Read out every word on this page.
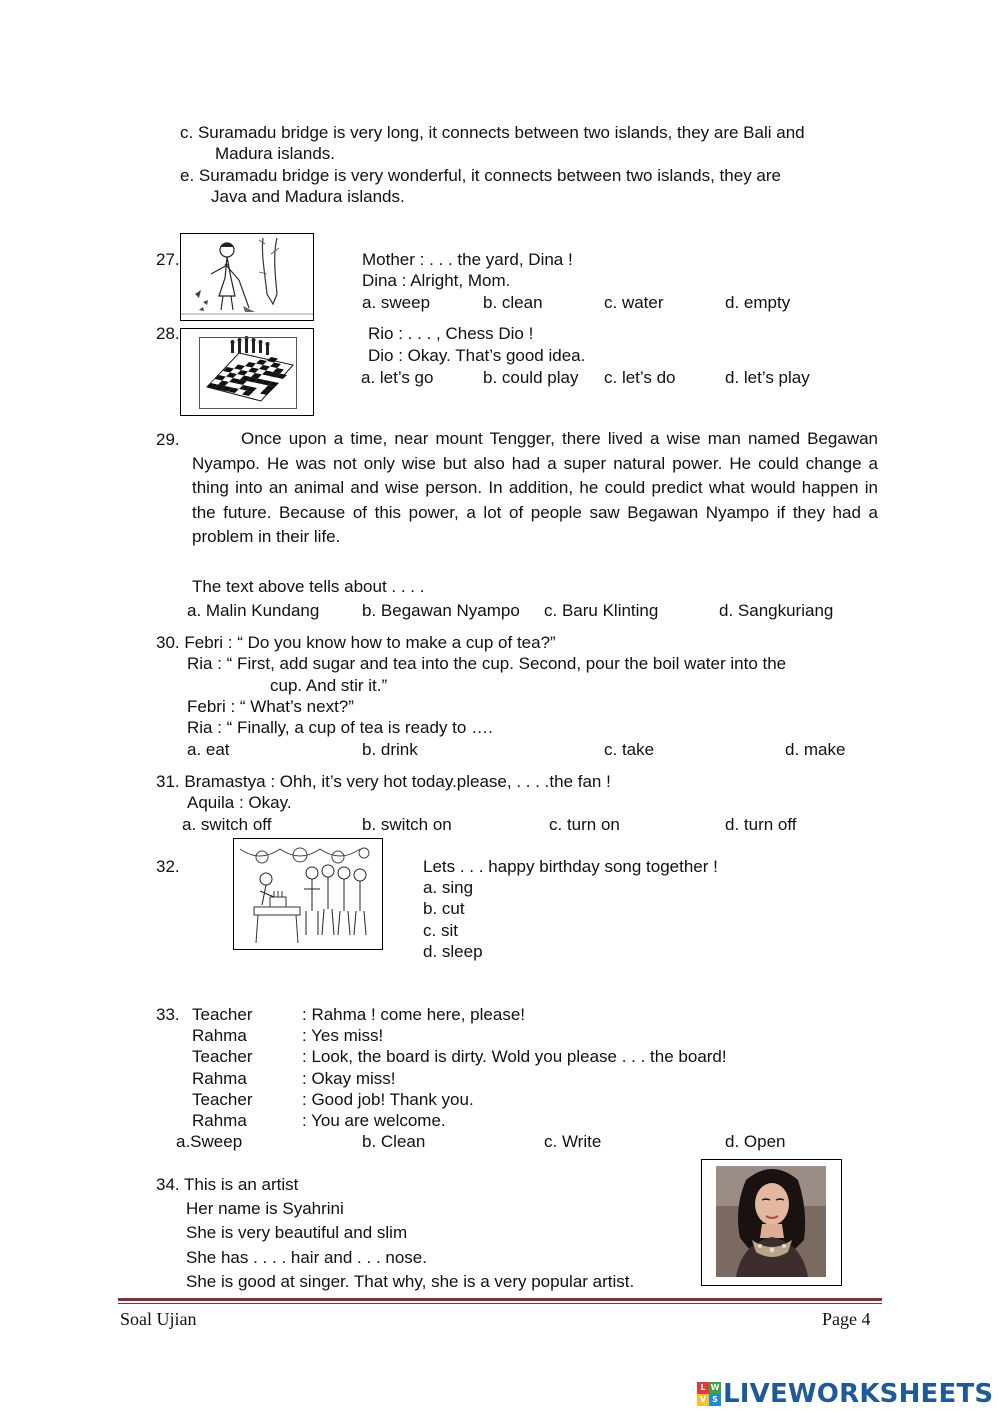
c. Suramadu bridge is very long, it connects between two islands, they are Bali and
Madura islands.
e. Suramadu bridge is very wonderful, it connects between two islands, they are
Java and Madura islands.
27.	Mother : . . . the yard, Dina !
Dina : Alright, Mom.
a. sweep	b. clean	c. water	d. empty
28.	Rio : . . . , Chess Dio !
Dio : Okay. That’s good idea.
a. let’s go	b. could play c. let’s do	d. let’s play
29.	Once upon a time, near mount Tengger, there lived a wise man named Begawan Nyampo. He was not only wise but also had a super natural power. He could change a thing into an animal and wise person. In addition, he could predict what would happen in the future. Because of this power, a lot of people saw Begawan Nyampo if they had a problem in their life.
The text above tells about . . . .
a. Malin Kundang	b. Begawan Nyampo c. Baru Klinting	d. Sangkuriang
30. Febri : “ Do you know how to make a cup of tea?”
Ria : “ First, add sugar and tea into the cup. Second, pour the boil water into the
cup. And stir it.”
Febri : “ What’s next?”
Ria : “ Finally, a cup of tea is ready to ….
a. eat	b. drink	c. take	d. make
31. Bramastya : Ohh, it’s very hot today.please, . . . .the fan !
Aquila : Okay.
a. switch off	b. switch on	c. turn on	d. turn off
32.	Lets . . . happy birthday song together !
a. sing
b. cut
c. sit
d. sleep
33. Teacher	: Rahma ! come here, please!
Rahma	: Yes miss!
Teacher	: Look, the board is dirty. Wold you please . . . the board!
Rahma	: Okay miss!
Teacher	: Good job! Thank you.
Rahma	: You are welcome.
a.Sweep	b. Clean	c. Write	d. Open
34. This is an artist
Her name is Syahrini
She is very beautiful and slim
She has . . . . hair and . . . nose.
She is good at singer. That why, she is a very popular artist.
Soal Ujian	Page 4
L W
V S LIVEWORKSHEETS
